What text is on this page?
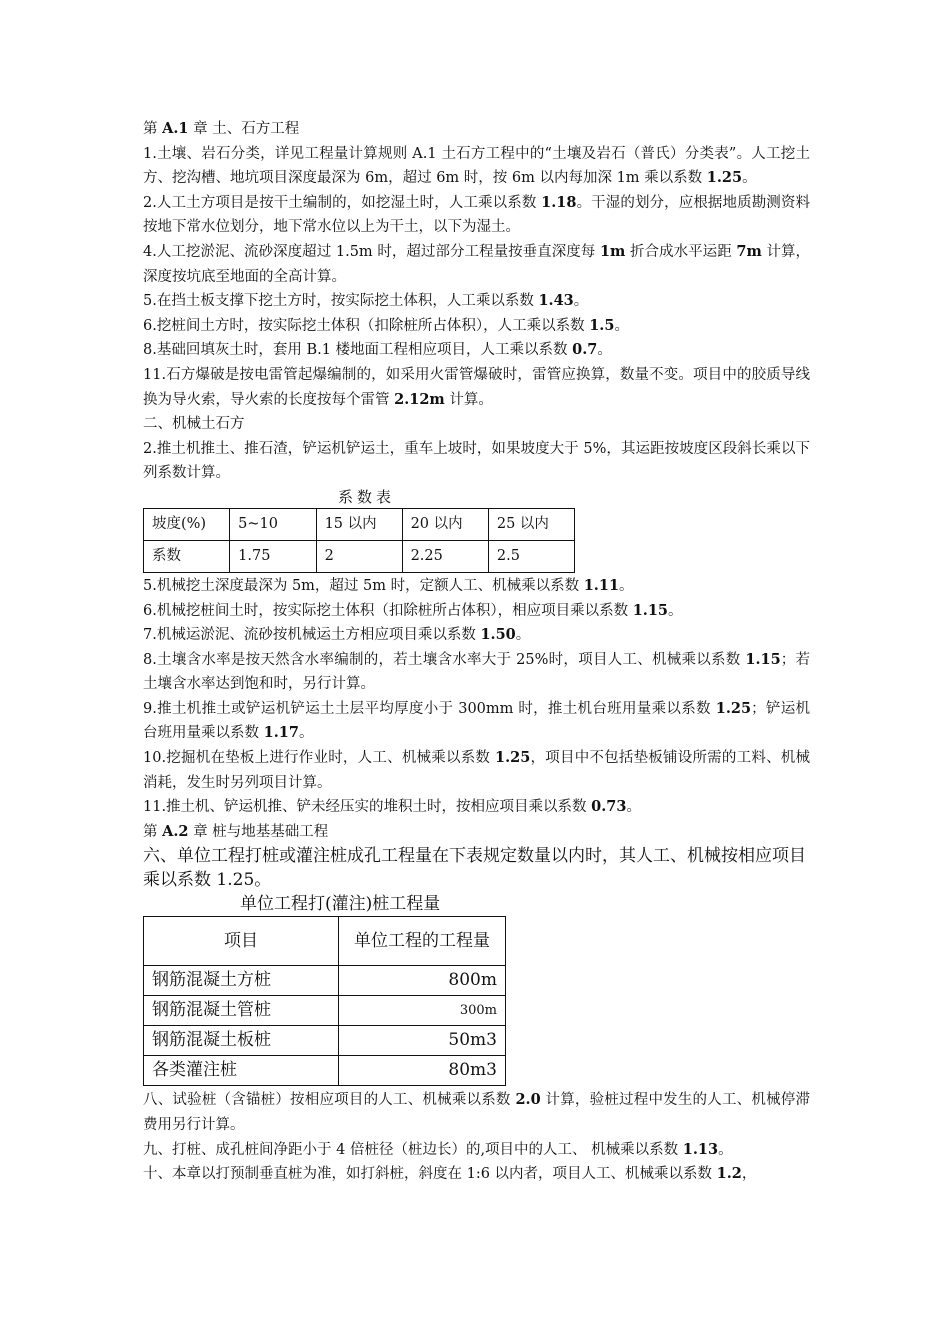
第 A.1 章 土、石方工程

1.土壤、岩石分类，详见工程量计算规则 A.1 土石方工程中的“土壤及岩石（普氏）分类表”。人工挖土方、挖沟槽、地坑项目深度最深为 6m，超过 6m 时，按 6m 以内每加深 1m 乘以系数 1.25。

2.人工土方项目是按干土编制的，如挖湿土时，人工乘以系数 1.18。干湿的划分，应根据地质勘测资料按地下常水位划分，地下常水位以上为干土，以下为湿土。

4.人工挖淤泥、流砂深度超过 1.5m 时，超过部分工程量按垂直深度每 1m 折合成水平运距 7m 计算，深度按坑底至地面的全高计算。

5.在挡土板支撑下挖土方时，按实际挖土体积，人工乘以系数 1.43。

6.挖桩间土方时，按实际挖土体积（扣除桩所占体积），人工乘以系数 1.5。

8.基础回填灰土时，套用 B.1 楼地面工程相应项目，人工乘以系数 0.7。

11.石方爆破是按电雷管起爆编制的，如采用火雷管爆破时，雷管应换算，数量不变。项目中的胶质导线换为导火索，导火索的长度按每个雷管 2.12m 计算。

二、机械土石方

2.推土机推土、推石渣，铲运机铲运土，重车上坡时，如果坡度大于 5%，其运距按坡度区段斜长乘以下列系数计算。

系数表

坡度(%)	5~10	15 以内	20 以内	25 以内
系数	1.75	2	2.25	2.5

5.机械挖土深度最深为 5m，超过 5m 时，定额人工、机械乘以系数 1.11。

6.机械挖桩间土时，按实际挖土体积（扣除桩所占体积），相应项目乘以系数 1.15。

7.机械运淤泥、流砂按机械运土方相应项目乘以系数 1.50。

8.土壤含水率是按天然含水率编制的，若土壤含水率大于 25%时，项目人工、机械乘以系数 1.15；若土壤含水率达到饱和时，另行计算。

9.推土机推土或铲运机铲运土土层平均厚度小于 300mm 时，推土机台班用量乘以系数 1.25；铲运机台班用量乘以系数 1.17。

10.挖掘机在垫板上进行作业时，人工、机械乘以系数 1.25，项目中不包括垫板铺设所需的工料、机械消耗，发生时另列项目计算。

11.推土机、铲运机推、铲未经压实的堆积土时，按相应项目乘以系数 0.73。

第 A.2 章 桩与地基基础工程

六、单位工程打桩或灌注桩成孔工程量在下表规定数量以内时，其人工、机械按相应项目乘以系数 1.25。

单位工程打(灌注)桩工程量

项目	单位工程的工程量
钢筋混凝土方桩	800m
钢筋混凝土管桩	300m
钢筋混凝土板桩	50m3
各类灌注桩	80m3

八、试验桩（含锚桩）按相应项目的人工、机械乘以系数 2.0 计算，验桩过程中发生的人工、机械停滞费用另行计算。

九、打桩、成孔桩间净距小于 4 倍桩径（桩边长）的,项目中的人工、 机械乘以系数 1.13。

十、本章以打预制垂直桩为准，如打斜桩，斜度在 1:6 以内者，项目人工、机械乘以系数 1.2，
